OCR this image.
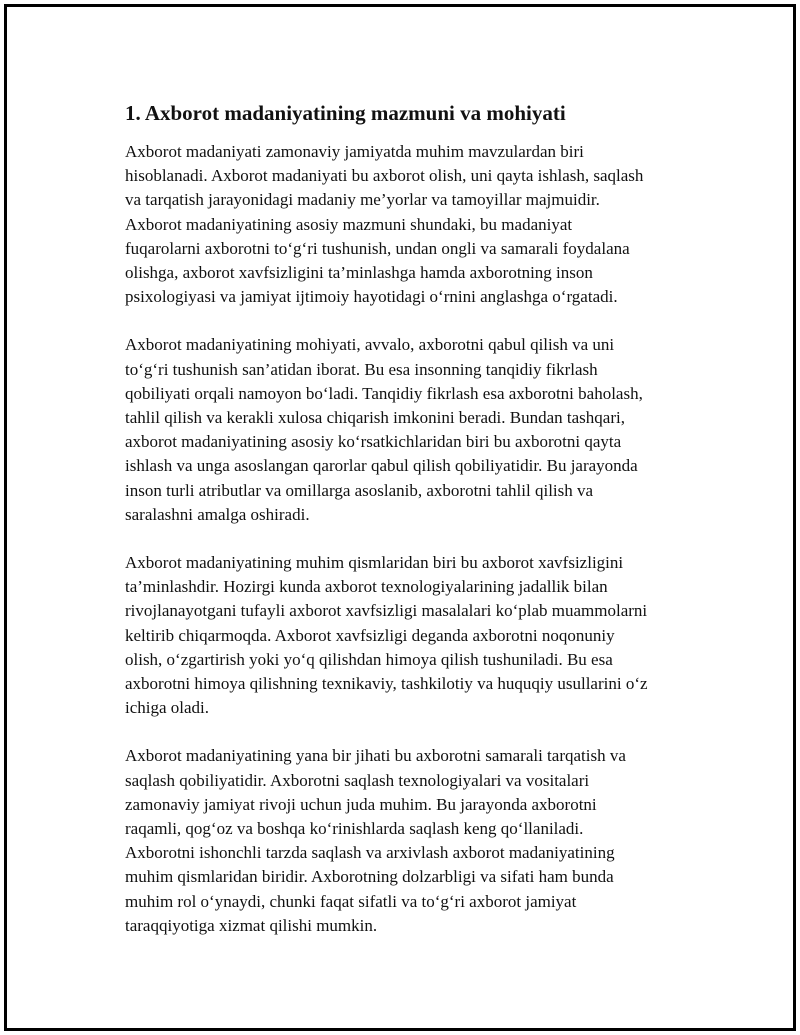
1. Axborot madaniyatining mazmuni va mohiyati

Axborot madaniyati zamonaviy jamiyatda muhim mavzulardan biri
hisoblanadi. Axborot madaniyati bu axborot olish, uni qayta ishlash, saqlash
va tarqatish jarayonidagi madaniy me’yorlar va tamoyillar majmuidir.
Axborot madaniyatining asosiy mazmuni shundaki, bu madaniyat
fuqarolarni axborotni to‘g‘ri tushunish, undan ongli va samarali foydalana
olishga, axborot xavfsizligini ta’minlashga hamda axborotning inson
psixologiyasi va jamiyat ijtimoiy hayotidagi o‘rnini anglashga o‘rgatadi.

Axborot madaniyatining mohiyati, avvalo, axborotni qabul qilish va uni
to‘g‘ri tushunish san’atidan iborat. Bu esa insonning tanqidiy fikrlash
qobiliyati orqali namoyon bo‘ladi. Tanqidiy fikrlash esa axborotni baholash,
tahlil qilish va kerakli xulosa chiqarish imkonini beradi. Bundan tashqari,
axborot madaniyatining asosiy ko‘rsatkichlaridan biri bu axborotni qayta
ishlash va unga asoslangan qarorlar qabul qilish qobiliyatidir. Bu jarayonda
inson turli atributlar va omillarga asoslanib, axborotni tahlil qilish va
saralashni amalga oshiradi.

Axborot madaniyatining muhim qismlaridan biri bu axborot xavfsizligini
ta’minlashdir. Hozirgi kunda axborot texnologiyalarining jadallik bilan
rivojlanayotgani tufayli axborot xavfsizligi masalalari ko‘plab muammolarni
keltirib chiqarmoqda. Axborot xavfsizligi deganda axborotni noqonuniy
olish, o‘zgartirish yoki yo‘q qilishdan himoya qilish tushuniladi. Bu esa
axborotni himoya qilishning texnikaviy, tashkilotiy va huquqiy usullarini o‘z
ichiga oladi.

Axborot madaniyatining yana bir jihati bu axborotni samarali tarqatish va
saqlash qobiliyatidir. Axborotni saqlash texnologiyalari va vositalari
zamonaviy jamiyat rivoji uchun juda muhim. Bu jarayonda axborotni
raqamli, qog‘oz va boshqa ko‘rinishlarda saqlash keng qo‘llaniladi.
Axborotni ishonchli tarzda saqlash va arxivlash axborot madaniyatining
muhim qismlaridan biridir. Axborotning dolzarbligi va sifati ham bunda
muhim rol o‘ynaydi, chunki faqat sifatli va to‘g‘ri axborot jamiyat
taraqqiyotiga xizmat qilishi mumkin.
